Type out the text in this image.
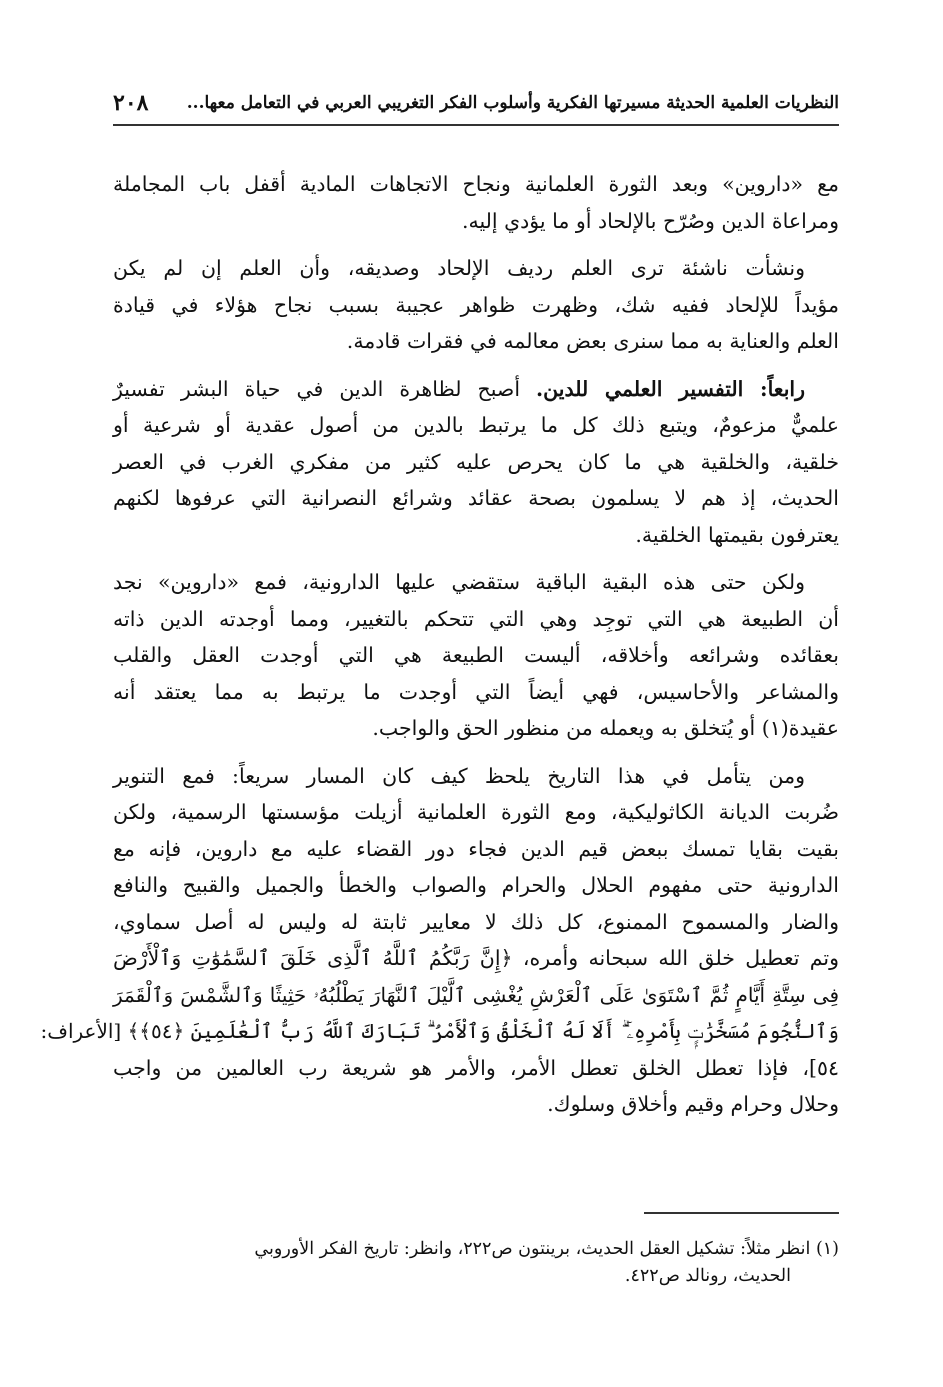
النظريات العلمية الحديثة مسيرتها الفكرية وأسلوب الفكر التغريبي العربي في التعامل معها...
٢٠٨

مع «داروين» وبعد الثورة العلمانية ونجاح الاتجاهات المادية أقفل باب المجاملة
ومراعاة الدين وصُرّح بالإلحاد أو ما يؤدي إليه.

ونشأت ناشئة ترى العلم رديف الإلحاد وصديقه، وأن العلم إن لم يكن
مؤيداً للإلحاد ففيه شك، وظهرت ظواهر عجيبة بسبب نجاح هؤلاء في قيادة
العلم والعناية به مما سنرى بعض معالمه في فقرات قادمة.

رابعاً: التفسير العلمي للدين. أصبح لظاهرة الدين في حياة البشر تفسيرٌ
علميٌّ مزعومٌ، ويتبع ذلك كل ما يرتبط بالدين من أصول عقدية أو شرعية أو
خلقية، والخلقية هي ما كان يحرص عليه كثير من مفكري الغرب في العصر
الحديث، إذ هم لا يسلمون بصحة عقائد وشرائع النصرانية التي عرفوها لكنهم
يعترفون بقيمتها الخلقية.

ولكن حتى هذه البقية الباقية ستقضي عليها الدارونية، فمع «داروين» نجد
أن الطبيعة هي التي توجِد وهي التي تتحكم بالتغيير، ومما أوجدته الدين ذاته
بعقائده وشرائعه وأخلاقه، أليست الطبيعة هي التي أوجدت العقل والقلب
والمشاعر والأحاسيس، فهي أيضاً التي أوجدت ما يرتبط به مما يعتقد أنه
عقيدة(١) أو يُتخلق به ويعمله من منظور الحق والواجب.

ومن يتأمل في هذا التاريخ يلحظ كيف كان المسار سريعاً: فمع التنوير
ضُربت الديانة الكاثوليكية، ومع الثورة العلمانية أزيلت مؤسستها الرسمية، ولكن
بقيت بقايا تمسك ببعض قيم الدين فجاء دور القضاء عليه مع داروين، فإنه مع
الدارونية حتى مفهوم الحلال والحرام والصواب والخطأ والجميل والقبيح والنافع
والضار والمسموح الممنوع، كل ذلك لا معايير ثابتة له وليس له أصل سماوي،
وتم تعطيل خلق الله سبحانه وأمره، ﴿إِنَّ رَبَّكُمُ ٱللَّهُ ٱلَّذِى خَلَقَ ٱلسَّمَٰوَٰتِ وَٱلْأَرْضَ
فِى سِتَّةِ أَيَّامٍ ثُمَّ ٱسْتَوَىٰ عَلَى ٱلْعَرْشِ يُغْشِى ٱلَّيْلَ ٱلنَّهَارَ يَطْلُبُهُۥ حَثِيثًا وَٱلشَّمْسَ وَٱلْقَمَرَ
وَٱلنُّجُومَ مُسَخَّرَٰتٍۭ بِأَمْرِهِۦٓ ۗ أَلَا لَهُ ٱلْخَلْقُ وَٱلْأَمْرُ ۗ تَبَارَكَ ٱللَّهُ رَبُّ ٱلْعَٰلَمِينَ ﴿٥٤﴾﴾ [الأعراف:
٥٤]، فإذا تعطل الخلق تعطل الأمر، والأمر هو شريعة رب العالمين من واجب
وحلال وحرام وقيم وأخلاق وسلوك.

(١) انظر مثلاً: تشكيل العقل الحديث، برينتون ص٢٢٢، وانظر: تاريخ الفكر الأوروبي
الحديث، رونالد ص٤٢٢.
